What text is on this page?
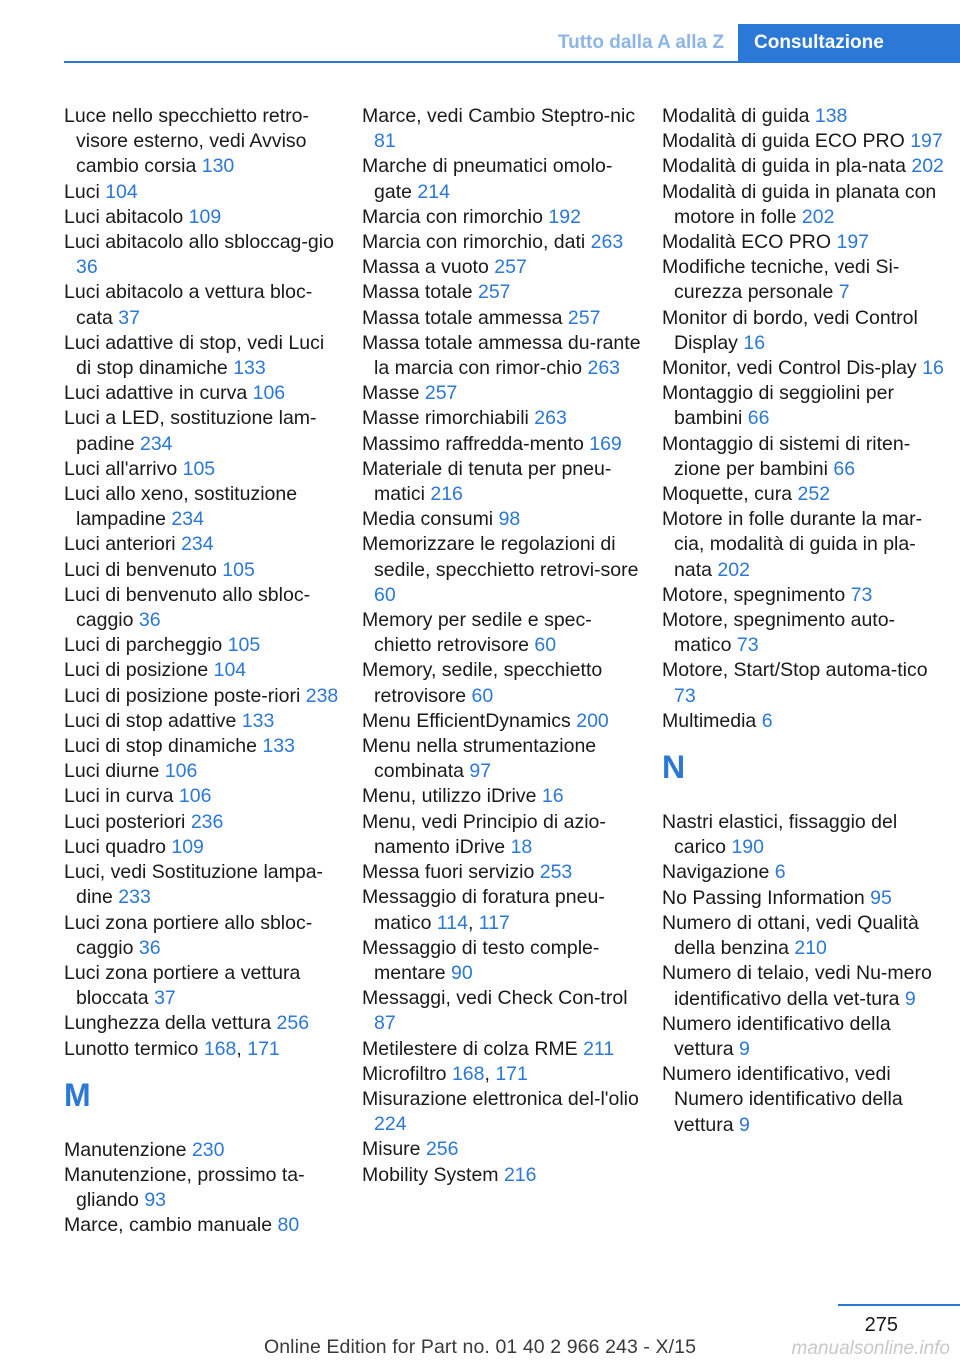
Tutto dalla A alla Z	Consultazione
Luce nello specchietto retro-visore esterno, vedi Avviso cambio corsia 130
Luci 104
Luci abitacolo 109
Luci abitacolo allo sbloccag-gio 36
Luci abitacolo a vettura bloc-cata 37
Luci adattive di stop, vedi Luci di stop dinamiche 133
Luci adattive in curva 106
Luci a LED, sostituzione lam-padine 234
Luci all'arrivo 105
Luci allo xeno, sostituzione lampadine 234
Luci anteriori 234
Luci di benvenuto 105
Luci di benvenuto allo sbloc-caggio 36
Luci di parcheggio 105
Luci di posizione 104
Luci di posizione poste-riori 238
Luci di stop adattive 133
Luci di stop dinamiche 133
Luci diurne 106
Luci in curva 106
Luci posteriori 236
Luci quadro 109
Luci, vedi Sostituzione lampa-dine 233
Luci zona portiere allo sbloc-caggio 36
Luci zona portiere a vettura bloccata 37
Lunghezza della vettura 256
Lunotto termico 168, 171
M
Manutenzione 230
Manutenzione, prossimo ta-gliando 93
Marce, cambio manuale 80
Marce, vedi Cambio Steptro-nic 81
Marche di pneumatici omolo-gate 214
Marcia con rimorchio 192
Marcia con rimorchio, dati 263
Massa a vuoto 257
Massa totale 257
Massa totale ammessa 257
Massa totale ammessa du-rante la marcia con rimor-chio 263
Masse 257
Masse rimorchiabili 263
Massimo raffredda-mento 169
Materiale di tenuta per pneu-matici 216
Media consumi 98
Memorizzare le regolazioni di sedile, specchietto retrovi-sore 60
Memory per sedile e spec-chietto retrovisore 60
Memory, sedile, specchietto retrovisore 60
Menu EfficientDynamics 200
Menu nella strumentazione combinata 97
Menu, utilizzo iDrive 16
Menu, vedi Principio di azio-namento iDrive 18
Messa fuori servizio 253
Messaggio di foratura pneu-matico 114, 117
Messaggio di testo comple-mentare 90
Messaggi, vedi Check Con-trol 87
Metilestere di colza RME 211
Microfiltro 168, 171
Misurazione elettronica del-l'olio 224
Misure 256
Mobility System 216
Modalità di guida 138
Modalità di guida ECO PRO 197
Modalità di guida in pla-nata 202
Modalità di guida in planata con motore in folle 202
Modalità ECO PRO 197
Modifiche tecniche, vedi Si-curezza personale 7
Monitor di bordo, vedi Control Display 16
Monitor, vedi Control Dis-play 16
Montaggio di seggiolini per bambini 66
Montaggio di sistemi di riten-zione per bambini 66
Moquette, cura 252
Motore in folle durante la mar-cia, modalità di guida in pla-nata 202
Motore, spegnimento 73
Motore, spegnimento auto-matico 73
Motore, Start/Stop automa-tico 73
Multimedia 6
N
Nastri elastici, fissaggio del carico 190
Navigazione 6
No Passing Information 95
Numero di ottani, vedi Qualità della benzina 210
Numero di telaio, vedi Nu-mero identificativo della vet-tura 9
Numero identificativo della vettura 9
Numero identificativo, vedi Numero identificativo della vettura 9
275
Online Edition for Part no. 01 40 2 966 243 - X/15	manualsonline.info
